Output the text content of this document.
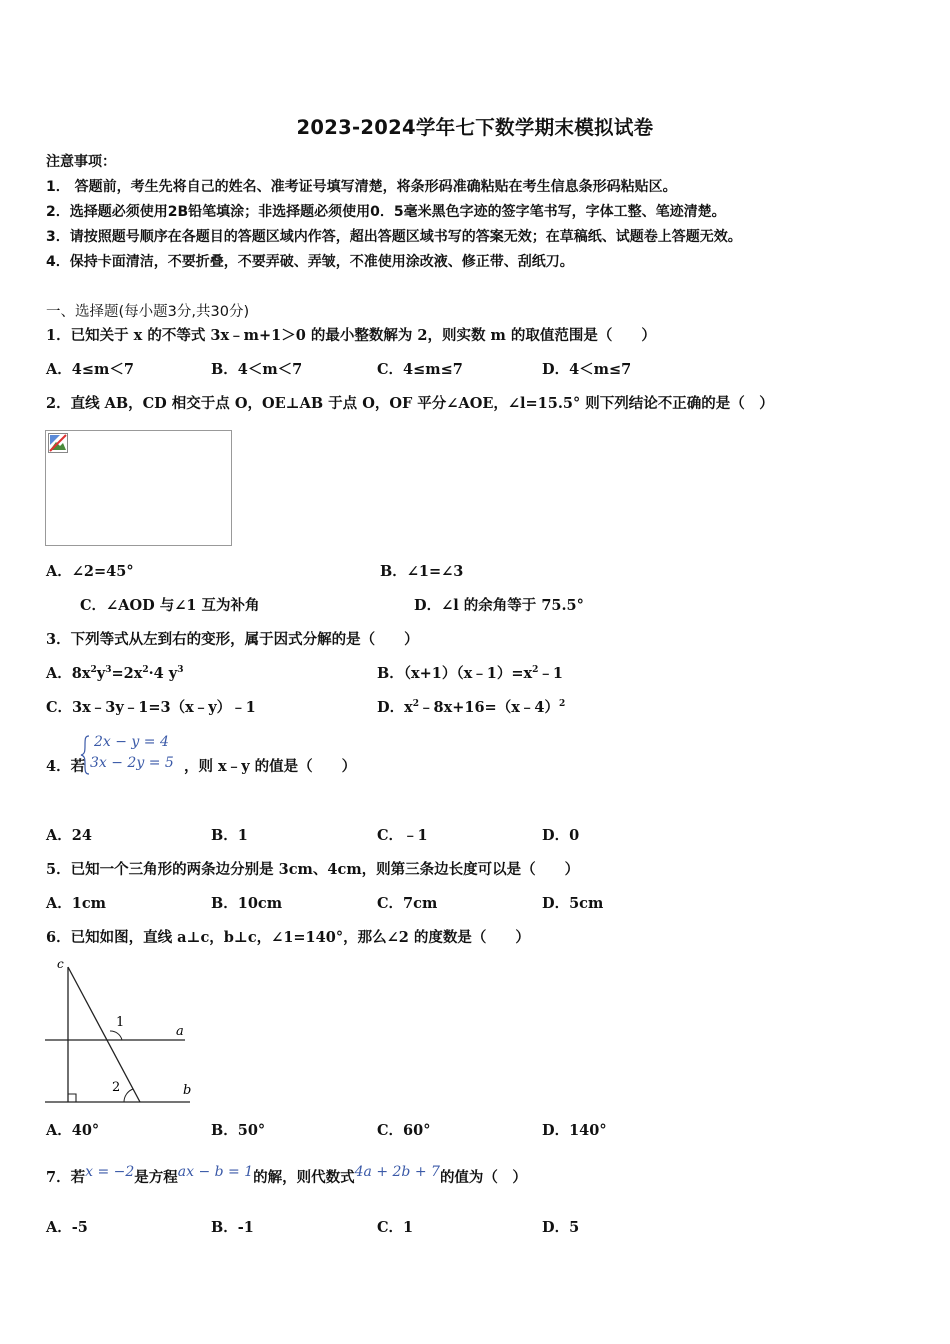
2023-2024学年七下数学期末模拟试卷
注意事项：
1． 答题前，考生先将自己的姓名、准考证号填写清楚，将条形码准确粘贴在考生信息条形码粘贴区。
2．选择题必须使用2B铅笔填涂；非选择题必须使用0．5毫米黑色字迹的签字笔书写，字体工整、笔迹清楚。
3．请按照题号顺序在各题目的答题区域内作答，超出答题区域书写的答案无效；在草稿纸、试题卷上答题无效。
4．保持卡面清洁，不要折叠，不要弄破、弄皱，不准使用涂改液、修正带、刮纸刀。
一、选择题(每小题3分,共30分)
1．已知关于 x 的不等式 3x﹣m+1＞0 的最小整数解为 2，则实数 m 的取值范围是（　　）
A．4≤m＜7	B．4＜m＜7	C．4≤m≤7	D．4＜m≤7
2．直线 AB，CD 相交于点 O，OE⊥AB 于点 O，OF 平分∠AOE，∠l=15.5° 则下列结论不正确的是（　）
A．∠2=45°	B．∠1=∠3
C．∠AOD 与∠1 互为补角	D．∠l 的余角等于 75.5°
3．下列等式从左到右的变形，属于因式分解的是（　　）
A．$8x^2y^3=2x^2\cdot 4$ $y^3$	B．$(x+1)(x﹣1)=x^2﹣1$
C．3x﹣3y﹣1=3（x﹣y）﹣1	D．$x^2﹣8x+16=(x﹣4)^2$
4．若
2x − y = 4
3x − 2y = 5 ，则 x﹣y 的值是（　　）
A．24	B．1	C．﹣1	D．0
5．已知一个三角形的两条边分别是 3cm、4cm，则第三条边长度可以是（　　）
A．1cm	B．10cm	C．7cm	D．5cm
6．已知如图，直线 a⊥c，b⊥c，∠1=140°，那么∠2 的度数是（　　）
c
a
b
1
2
A．40°	B．50°	C．60°	D．140°
7．若x = −2是方程ax − b = 1的解，则代数式4a + 2b + 7的值为（　）
A．-5	B．-1	C．1	D．5
